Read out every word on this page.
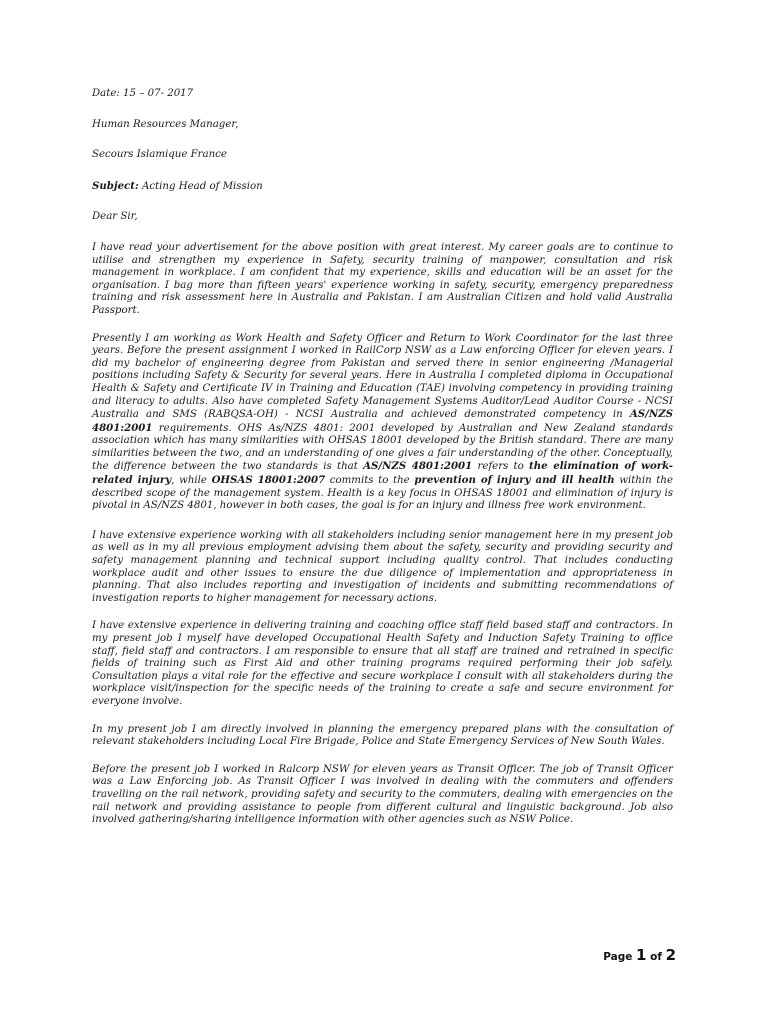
Date: 15 – 07- 2017

Human Resources Manager,

Secours Islamique France

Subject: Acting Head of Mission

Dear Sir,

I have read your advertisement for the above position with great interest. My career goals are to continue to utilise and strengthen my experience in Safety, security training of manpower, consultation and risk management in workplace. I am confident that my experience, skills and education will be an asset for the organisation. I bag more than fifteen years' experience working in safety, security, emergency preparedness training and risk assessment here in Australia and Pakistan. I am Australian Citizen and hold valid Australia Passport.

Presently I am working as Work Health and Safety Officer and Return to Work Coordinator for the last three years. Before the present assignment I worked in RailCorp NSW as a Law enforcing Officer for eleven years. I did my bachelor of engineering degree from Pakistan and served there in senior engineering /Managerial positions including Safety & Security for several years. Here in Australia I completed diploma in Occupational Health & Safety and Certificate IV in Training and Education (TAE) involving competency in providing training and literacy to adults. Also have completed Safety Management Systems Auditor/Lead Auditor Course - NCSI Australia and SMS (RABQSA-OH) - NCSI Australia and achieved demonstrated competency in AS/NZS 4801:2001 requirements. OHS As/NZS 4801: 2001 developed by Australian and New Zealand standards association which has many similarities with OHSAS 18001 developed by the British standard. There are many similarities between the two, and an understanding of one gives a fair understanding of the other. Conceptually, the difference between the two standards is that AS/NZS 4801:2001 refers to the elimination of work-related injury, while OHSAS 18001:2007 commits to the prevention of injury and ill health within the described scope of the management system. Health is a key focus in OHSAS 18001 and elimination of injury is pivotal in AS/NZS 4801, however in both cases, the goal is for an injury and illness free work environment.

I have extensive experience working with all stakeholders including senior management here in my present job as well as in my all previous employment advising them about the safety, security and providing security and safety management planning and technical support including quality control. That includes conducting workplace audit and other issues to ensure the due diligence of implementation and appropriateness in planning. That also includes reporting and investigation of incidents and submitting recommendations of investigation reports to higher management for necessary actions.

I have extensive experience in delivering training and coaching office staff field based staff and contractors. In my present job I myself have developed Occupational Health Safety and Induction Safety Training to office staff, field staff and contractors. I am responsible to ensure that all staff are trained and retrained in specific fields of training such as First Aid and other training programs required performing their job safely. Consultation plays a vital role for the effective and secure workplace I consult with all stakeholders during the workplace visit/inspection for the specific needs of the training to create a safe and secure environment for everyone involve.

In my present job I am directly involved in planning the emergency prepared plans with the consultation of relevant stakeholders including Local Fire Brigade, Police and State Emergency Services of New South Wales.

Before the present job I worked in Ralcorp NSW for eleven years as Transit Officer. The job of Transit Officer was a Law Enforcing job. As Transit Officer I was involved in dealing with the commuters and offenders travelling on the rail network, providing safety and security to the commuters, dealing with emergencies on the rail network and providing assistance to people from different cultural and linguistic background. Job also involved gathering/sharing intelligence information with other agencies such as NSW Police.

Page 1 of 2
